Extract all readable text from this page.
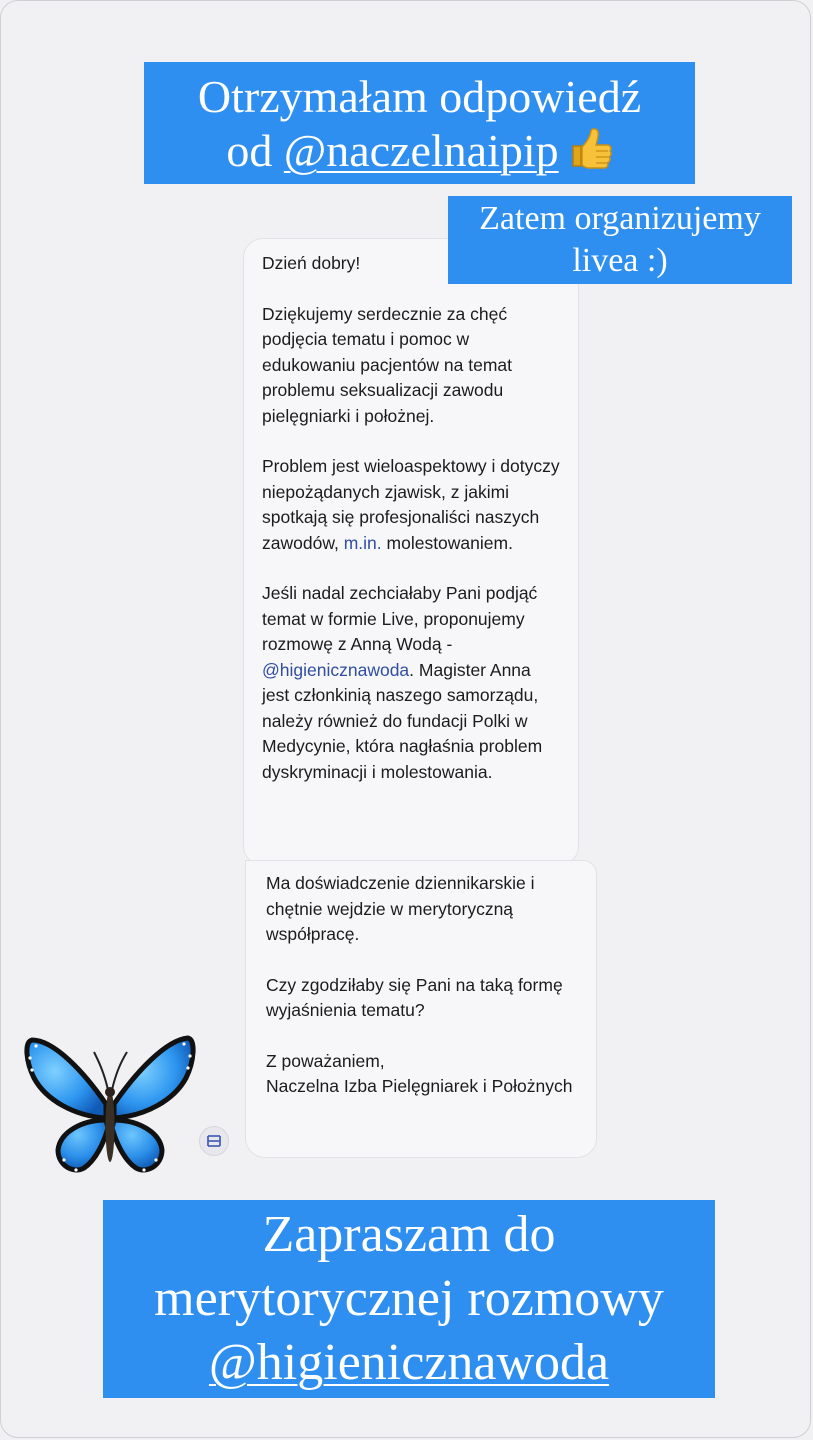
Otrzymałam odpowiedź
od @naczelnaipip

Dzień dobry!

Dziękujemy serdecznie za chęć podjęcia tematu i pomoc w edukowaniu pacjentów na temat problemu seksualizacji zawodu pielęgniarki i położnej.

Problem jest wieloaspektowy i dotyczy niepożądanych zjawisk, z jakimi spotkają się profesjonaliści naszych zawodów, m.in. molestowaniem.

Jeśli nadal zechciałaby Pani podjąć temat w formie Live, proponujemy rozmowę z Anną Wodą - @higienicznawoda. Magister Anna jest członkinią naszego samorządu, należy również do fundacji Polki w Medycynie, która nagłaśnia problem dyskryminacji i molestowania.

Zatem organizujemy
livea :)

Ma doświadczenie dziennikarskie i chętnie wejdzie w merytoryczną współpracę.

Czy zgodziłaby się Pani na taką formę wyjaśnienia tematu?

Z poważaniem,

Naczelna Izba Pielęgniarek i Położnych

Zapraszam do
merytorycznej rozmowy
@higienicznawoda
